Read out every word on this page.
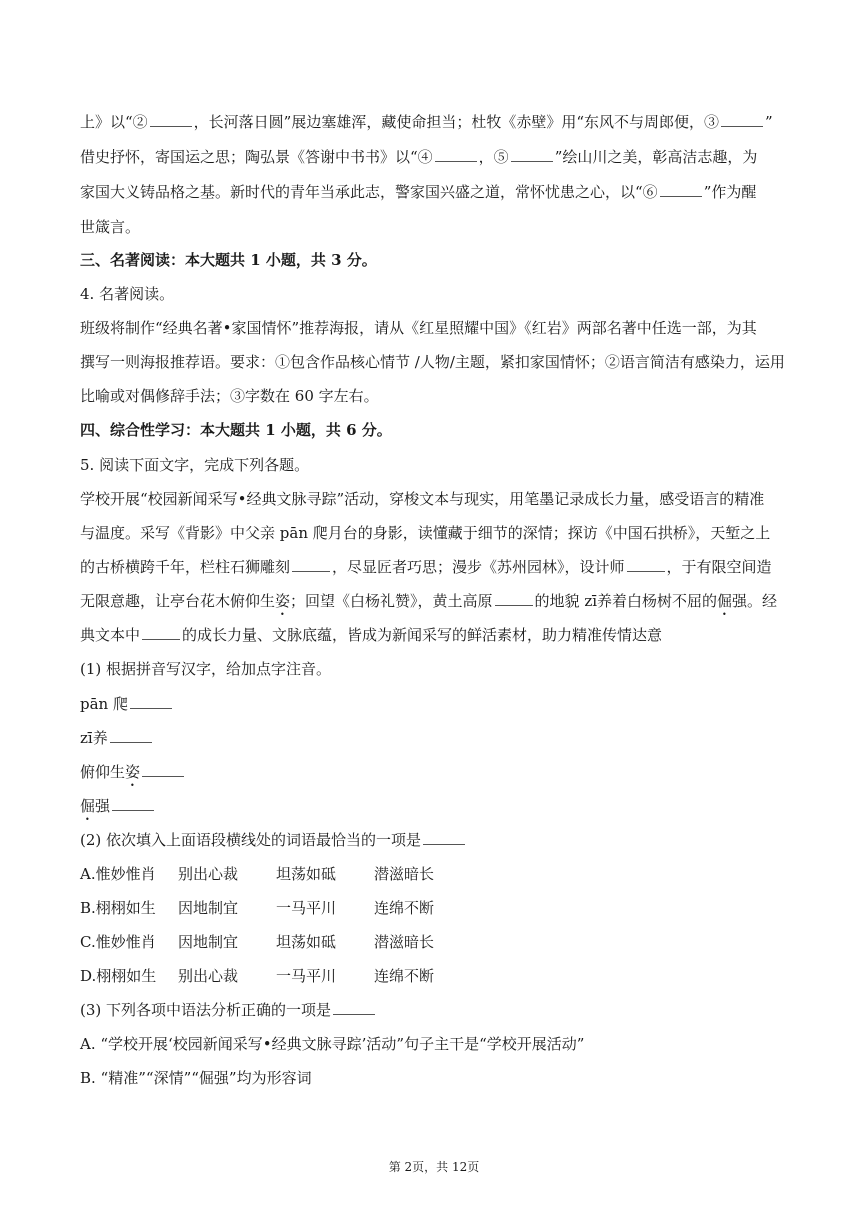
上》以“②	，长河落日圆”展边塞雄浑，藏使命担当；杜牧《赤壁》用“东风不与周郎便，③	”
借史抒怀，寄国运之思；陶弘景《答谢中书书》以“④	，⑤	”绘山川之美，彰高洁志趣，为
家国大义铸品格之基。新时代的青年当承此志，警家国兴盛之道，常怀忧患之心，以“⑥	”作为醒
世箴言。
三、名著阅读：本大题共 1 小题，共 3 分。
4. 名著阅读。
班级将制作“经典名著•家国情怀”推荐海报，请从《红星照耀中国》《红岩》两部名著中任选一部，为其
撰写一则海报推荐语。要求：①包含作品核心情节 /人物/主题，紧扣家国情怀；②语言简洁有感染力，运用
比喻或对偶修辞手法；③字数在 60 字左右。
四、综合性学习：本大题共 1 小题，共 6 分。
5. 阅读下面文字，完成下列各题。
学校开展“校园新闻采写•经典文脉寻踪”活动，穿梭文本与现实，用笔墨记录成长力量，感受语言的精准
与温度。采写《背影》中父亲 pān 爬月台的身影，读懂藏于细节的深情；探访《中国石拱桥》，天堑之上
的古桥横跨千年，栏柱石狮雕刻	，尽显匠者巧思；漫步《苏州园林》，设计师	，于有限空间造
无限意趣，让亭台花木俯仰生姿；回望《白杨礼赞》，黄土高原	的地貌 zī养着白杨树不屈的倔强。经
典文本中	的成长力量、文脉底蕴，皆成为新闻采写的鲜活素材，助力精准传情达意
(1) 根据拼音写汉字，给加点字注音。
pān 爬
zī养
俯仰生姿
倔强
(2) 依次填入上面语段横线处的词语最恰当的一项是
A.惟妙惟肖 别出心裁	坦荡如砥	潜滋暗长
B.栩栩如生 因地制宜	一马平川	连绵不断
C.惟妙惟肖 因地制宜	坦荡如砥	潜滋暗长
D.栩栩如生 别出心裁	一马平川	连绵不断
(3) 下列各项中语法分析正确的一项是
A. “学校开展‘校园新闻采写•经典文脉寻踪’活动”句子主干是“学校开展活动”
B. “精准”“深情”“倔强”均为形容词
第 2页，共 12页
